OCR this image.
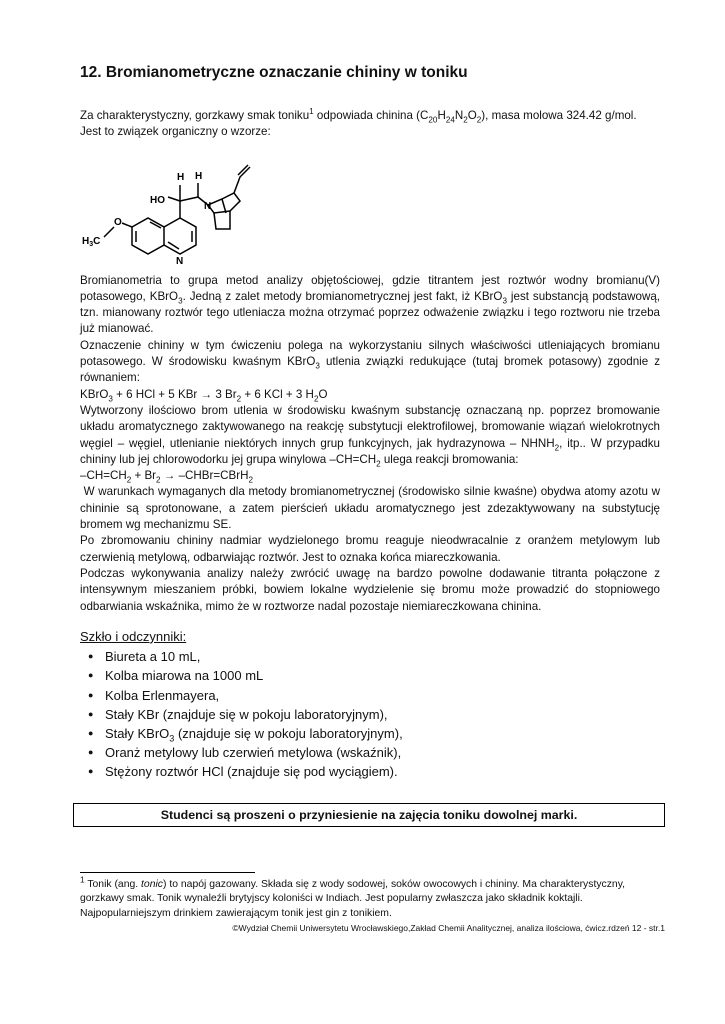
12. Bromianometryczne oznaczanie chininy w toniku

Za charakterystyczny, gorzkawy smak toniku$^1$ odpowiada chinina $(C_{20}H_{24}N_2O_2)$, masa molowa 324.42 g/mol.

Jest to związek organiczny o wzorze:

H H
HO
N
N
O
$H_3C$

Bromianometria to grupa metod analizy objętościowej, gdzie titrantem jest roztwór wodny bromianu(V) potasowego, KBrO$_3$. Jedną z zalet metody bromianometrycznej jest fakt, iż KBrO$_3$ jest substancją podstawową, tzn. mianowany roztwór tego utleniacza można otrzymać poprzez odważenie związku i tego roztworu nie trzeba już mianować.

Oznaczenie chininy w tym ćwiczeniu polega na wykorzystaniu silnych właściwości utleniających bromianu potasowego. W środowisku kwaśnym KBrO$_3$ utlenia związki redukujące (tutaj bromek potasowy) zgodnie z równaniem:

KBrO$_3$ + 6 HCl + 5 KBr → 3 $Br_2 + 6$ KCl + 3 $H_2O$

Wytworzony ilościowo brom utlenia w środowisku kwaśnym substancję oznaczaną np. poprzez bromowanie układu aromatycznego zaktywowanego na reakcję substytucji elektrofilowej, bromowanie wiązań wielokrotnych węgiel – węgiel, utlenianie niektórych innych grup funkcyjnych, jak hydrazynowa – $NHNH_2$, itp.. W przypadku chininy lub jej chlorowodorku jej grupa winylowa $-CH=CH_2$ ulega reakcji bromowania:

$-CH=CH_2 + Br_2$ → –CHBr=CBrH$_2$

W warunkach wymaganych dla metody bromianometrycznej (środowisko silnie kwaśne) obydwa atomy azotu w chininie są sprotonowane, a zatem pierścień układu aromatycznego jest zdezaktywowany na substytucję bromem wg mechanizmu SE.

Po zbromowaniu chininy nadmiar wydzielonego bromu reaguje nieodwracalnie z oranżem metylowym lub czerwienią metylową, odbarwiając roztwór. Jest to oznaka końca miareczkowania.

Podczas wykonywania analizy należy zwrócić uwagę na bardzo powolne dodawanie titranta połączone z intensywnym mieszaniem próbki, bowiem lokalne wydzielenie się bromu może prowadzić do stopniowego odbarwiania wskaźnika, mimo że w roztworze nadal pozostaje niemiareczkowana chinina.

Szkło i odczynniki:

● Biureta a 10 mL,
● Kolba miarowa na 1000 mL
● Kolba Erlenmayera,
● Stały KBr (znajduje się w pokoju laboratoryjnym),
● Stały KBrO$_3$ (znajduje się w pokoju laboratoryjnym),
● Oranż metylowy lub czerwień metylowa (wskaźnik),
● Stężony roztwór HCl (znajduje się pod wyciągiem).
Studenci są proszeni o przyniesienie na zajęcia toniku dowolnej marki.
$^1$ Tonik (ang. tonic) to napój gazowany. Składa się z wody sodowej, soków owocowych i chininy. Ma charakterystyczny, gorzkawy smak. Tonik wynaleźli brytyjscy koloniści w Indiach. Jest popularny zwłaszcza jako składnik koktajli. Najpopularniejszym drinkiem zawierającym tonik jest gin z tonikiem.
©Wydział Chemii Uniwersytetu Wrocławskiego,Zakład Chemii Analitycznej, analiza ilościowa, ćwicz.rdzeń 12 - str.1
